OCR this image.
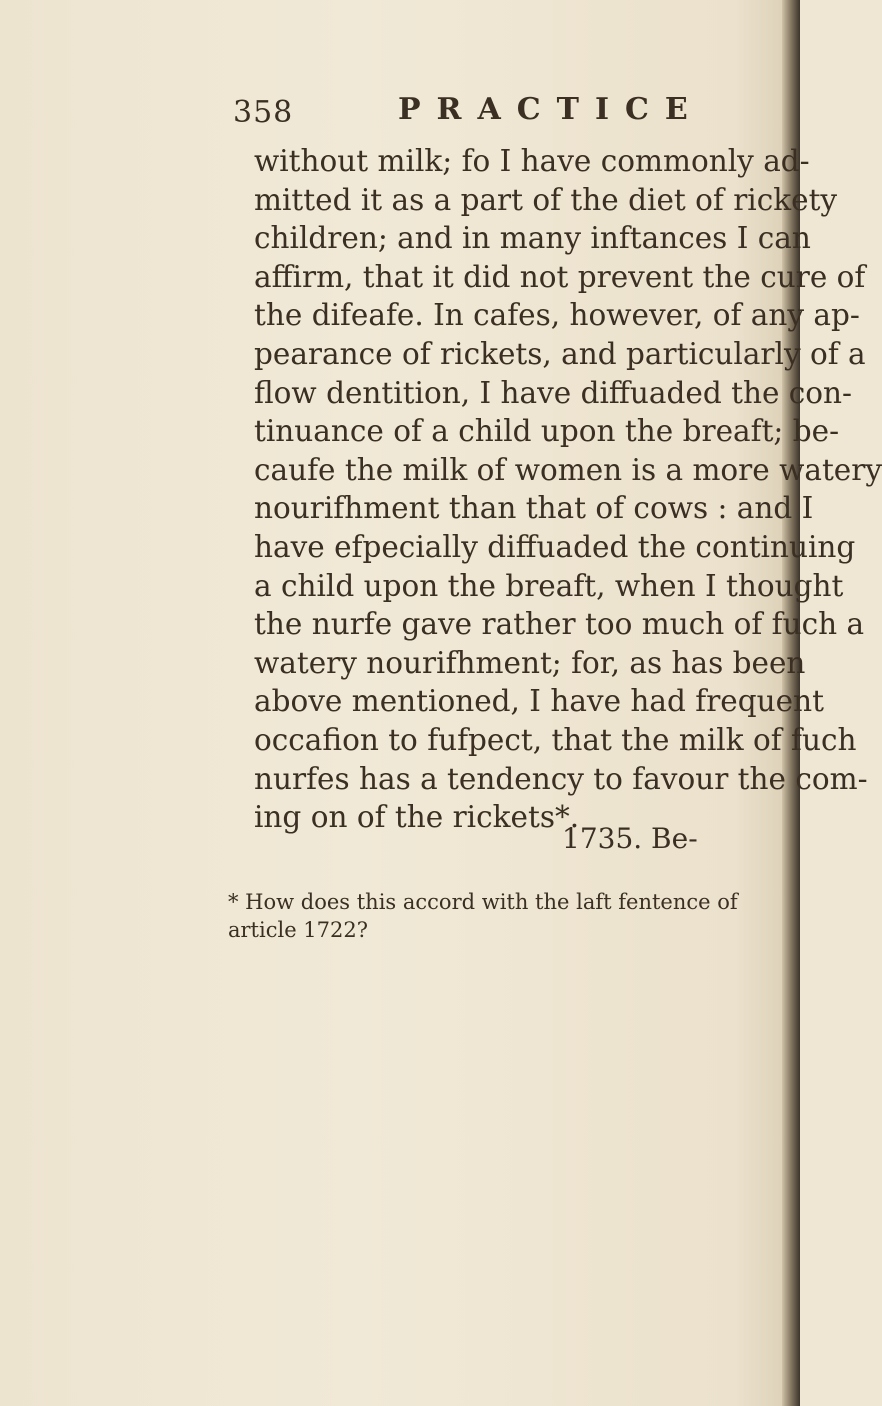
358	PRACTICE
without milk; fo I have commonly ad-
mitted it as a part of the diet of rickety
children; and in many inftances I can
affirm, that it did not prevent the cure of
the difeafe. In cafes, however, of any ap-
pearance of rickets, and particularly of a
flow dentition, I have diffuaded the con-
tinuance of a child upon the breaft; be-
caufe the milk of women is a more watery
nourifhment than that of cows : and I
have efpecially diffuaded the continuing
a child upon the breaft, when I thought
the nurfe gave rather too much of fuch a
watery nourifhment; for, as has been
above mentioned, I have had frequent
occafion to fufpect, that the milk of fuch
nurfes has a tendency to favour the com-
ing on of the rickets*.
1735. Be-
* How does this accord with the laft fentence of
article 1722?
